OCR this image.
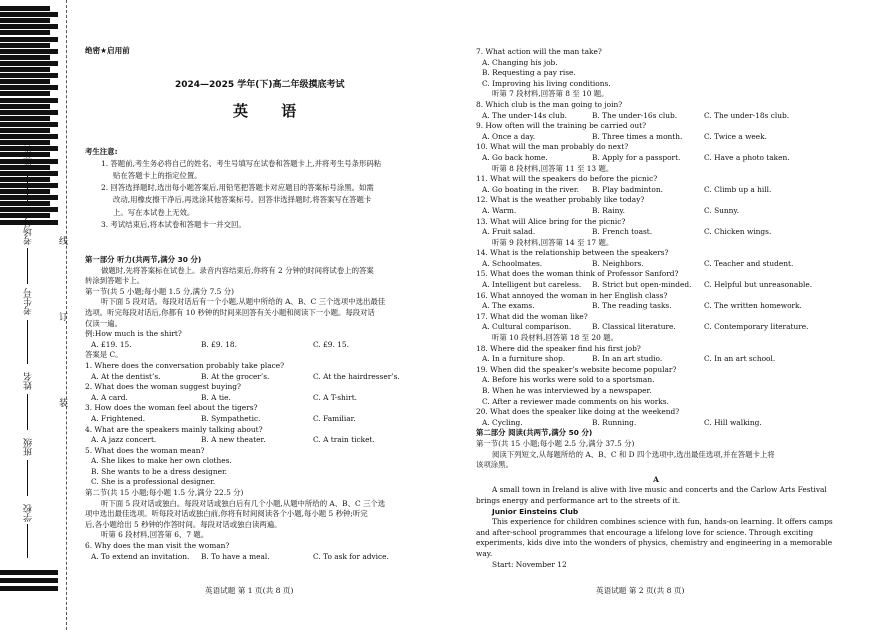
座位号
考场号
考生号
姓名
班级
学校
线
订
装
绝密★启用前
2024—2025 学年(下)高二年级摸底考试
英 语
考生注意:
1. 答题前,考生务必将自己的姓名、考生号填写在试卷和答题卡上,并将考生号条形码粘
贴在答题卡上的指定位置。
2. 回答选择题时,选出每小题答案后,用铅笔把答题卡对应题目的答案标号涂黑。如需
改动,用橡皮擦干净后,再选涂其他答案标号。回答非选择题时,将答案写在答题卡
上。写在本试卷上无效。
3. 考试结束后,将本试卷和答题卡一并交回。
第一部分 听力(共两节,满分 30 分)
做题时,先将答案标在试卷上。录音内容结束后,你将有 2 分钟的时间将试卷上的答案
转涂到答题卡上。
第一节(共 5 小题;每小题 1.5 分,满分 7.5 分)
听下面 5 段对话。每段对话后有一个小题,从题中所给的 A、B、C 三个选项中选出最佳
选项。听完每段对话后,你都有 10 秒钟的时间来回答有关小题和阅读下一小题。每段对话
仅读一遍。
例:How much is the shirt?
A. £19. 15.	B. £9. 18.	C. £9. 15.
答案是 C。
1. Where does the conversation probably take place?
A. At the dentist’s.	B. At the grocer’s.	C. At the hairdresser’s.
2. What does the woman suggest buying?
A. A card.	B. A tie.	C. A T-shirt.
3. How does the woman feel about the tigers?
A. Frightened.	B. Sympathetic.	C. Familiar.
4. What are the speakers mainly talking about?
A. A jazz concert.	B. A new theater.	C. A train ticket.
5. What does the woman mean?
A. She likes to make her own clothes.
B. She wants to be a dress designer.
C. She is a professional designer.
第二节(共 15 小题;每小题 1.5 分,满分 22.5 分)
听下面 5 段对话或独白。每段对话或独白后有几个小题,从题中所给的 A、B、C 三个选
项中选出最佳选项。听每段对话或独白前,你将有时间阅读各个小题,每小题 5 秒钟;听完
后,各小题给出 5 秒钟的作答时间。每段对话或独白读两遍。
听第 6 段材料,回答第 6、7 题。
6. Why does the man visit the woman?
A. To extend an invitation.	B. To have a meal.	C. To ask for advice.
英语试题 第 1 页(共 8 页)
7. What action will the man take?
A. Changing his job.
B. Requesting a pay rise.
C. Improving his living conditions.
听第 7 段材料,回答第 8 至 10 题。
8. Which club is the man going to join?
A. The under-14s club.	B. The under-16s club.	C. The under-18s club.
9. How often will the training be carried out?
A. Once a day.	B. Three times a month.	C. Twice a week.
10. What will the man probably do next?
A. Go back home.	B. Apply for a passport.	C. Have a photo taken.
听第 8 段材料,回答第 11 至 13 题。
11. What will the speakers do before the picnic?
A. Go boating in the river.	B. Play badminton.	C. Climb up a hill.
12. What is the weather probably like today?
A. Warm.	B. Rainy.	C. Sunny.
13. What will Alice bring for the picnic?
A. Fruit salad.	B. French toast.	C. Chicken wings.
听第 9 段材料,回答第 14 至 17 题。
14. What is the relationship between the speakers?
A. Schoolmates.	B. Neighbors.	C. Teacher and student.
15. What does the woman think of Professor Sanford?
A. Intelligent but careless.	B. Strict but open-minded.	C. Helpful but unreasonable.
16. What annoyed the woman in her English class?
A. The exams.	B. The reading tasks.	C. The written homework.
17. What did the woman like?
A. Cultural comparison.	B. Classical literature.	C. Contemporary literature.
听第 10 段材料,回答第 18 至 20 题。
18. Where did the speaker find his first job?
A. In a furniture shop.	B. In an art studio.	C. In an art school.
19. When did the speaker’s website become popular?
A. Before his works were sold to a sportsman.
B. When he was interviewed by a newspaper.
C. After a reviewer made comments on his works.
20. What does the speaker like doing at the weekend?
A. Cycling.	B. Running.	C. Hill walking.
第二部分 阅读(共两节,满分 50 分)
第一节(共 15 小题;每小题 2.5 分,满分 37.5 分)
阅读下列短文,从每题所给的 A、B、C 和 D 四个选项中,选出最佳选项,并在答题卡上将
该项涂黑。
A
A small town in Ireland is alive with live music and concerts and the Carlow Arts Festival
brings energy and performance art to the streets of it.
Junior Einsteins Club
This experience for children combines science with fun, hands-on learning. It offers camps
and after-school programmes that encourage a lifelong love for science. Through exciting
experiments, kids dive into the wonders of physics, chemistry and engineering in a memorable way.
Start: November 12
英语试题 第 2 页(共 8 页)
